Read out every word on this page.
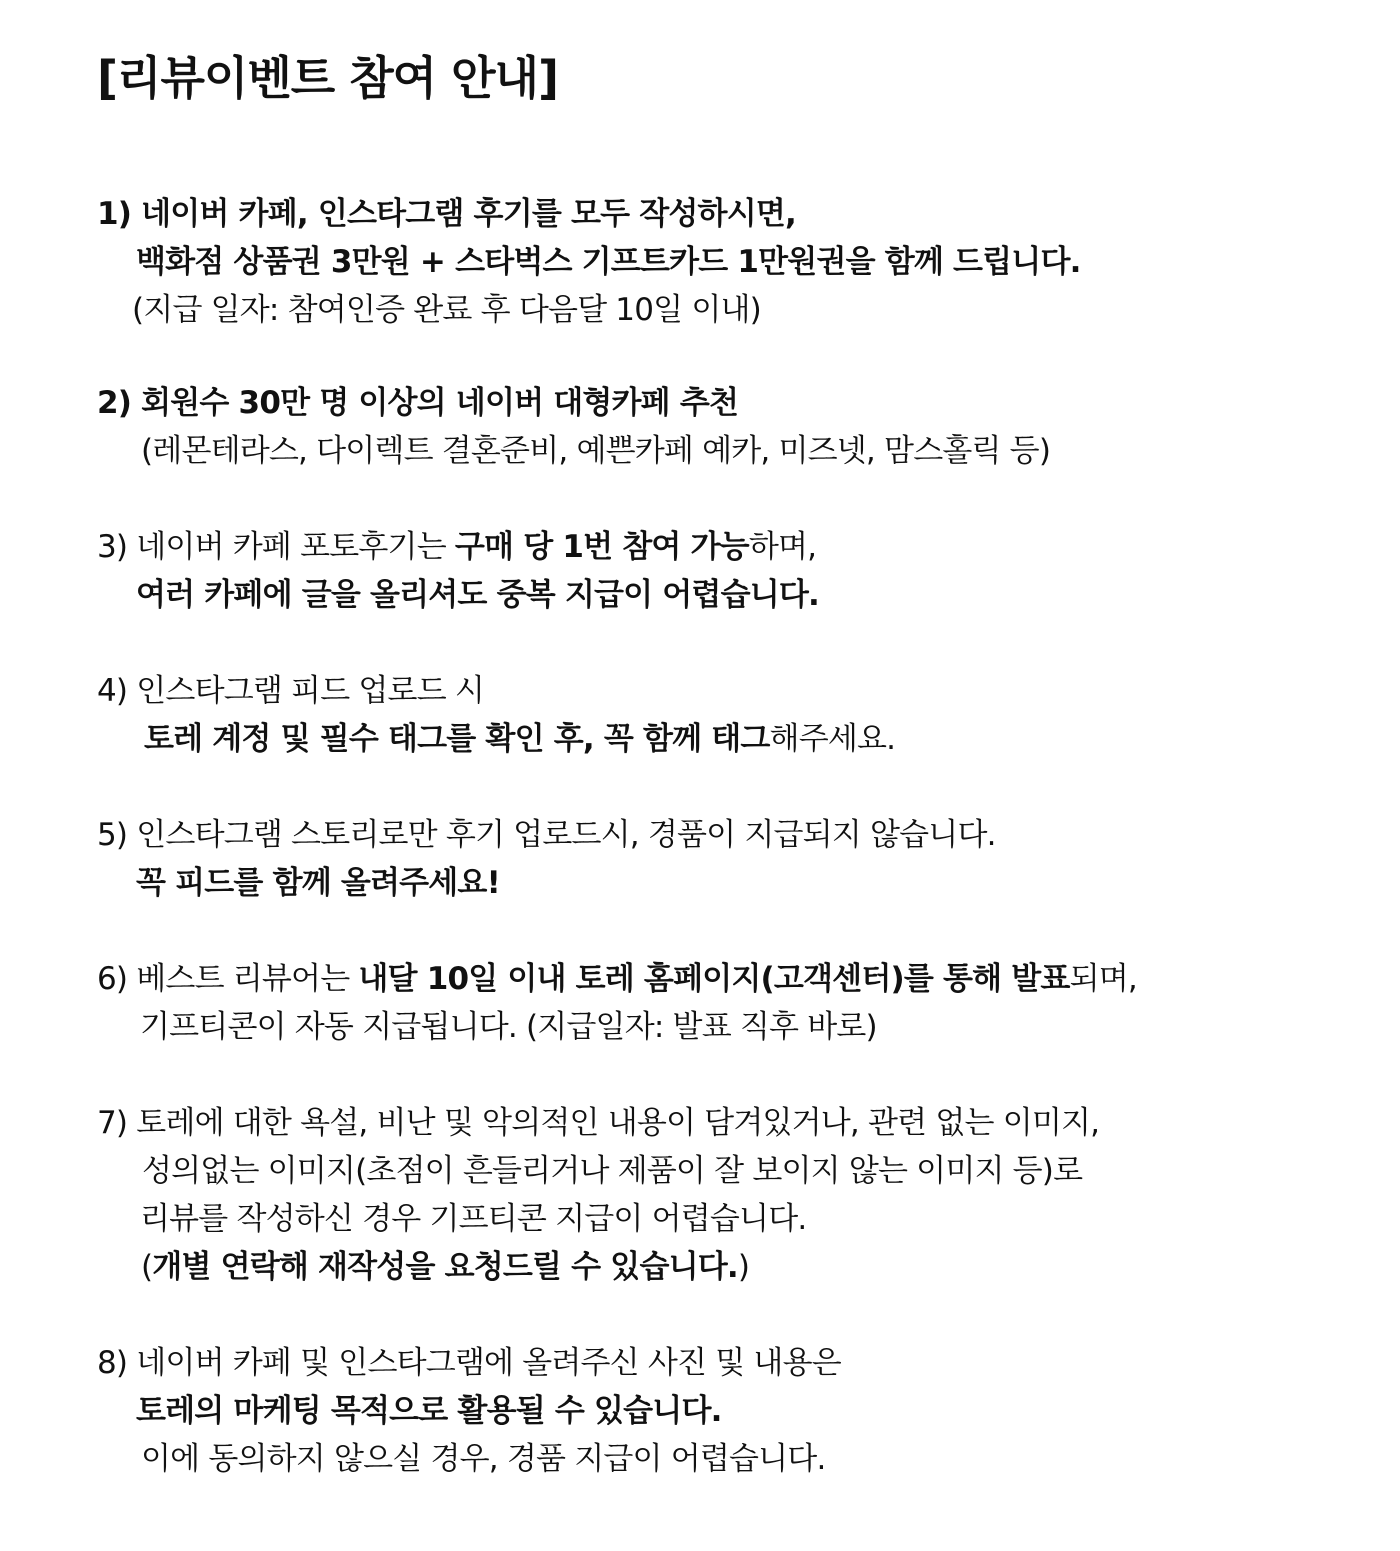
[리뷰이벤트 참여 안내]

1) 네이버 카페, 인스타그램 후기를 모두 작성하시면,

백화점 상품권 3만원 + 스타벅스 기프트카드 1만원권을 함께 드립니다.

(지급 일자: 참여인증 완료 후 다음달 10일 이내)

2) 회원수 30만 명 이상의 네이버 대형카페 추천

(레몬테라스, 다이렉트 결혼준비, 예쁜카페 예카, 미즈넷, 맘스홀릭 등)

3) 네이버 카페 포토후기는 구매 당 1번 참여 가능하며,

여러 카페에 글을 올리셔도 중복 지급이 어렵습니다.

4) 인스타그램 피드 업로드 시

토레 계정 및 필수 태그를 확인 후, 꼭 함께 태그해주세요.

5) 인스타그램 스토리로만 후기 업로드시, 경품이 지급되지 않습니다.

꼭 피드를 함께 올려주세요!

6) 베스트 리뷰어는 내달 10일 이내 토레 홈페이지(고객센터)를 통해 발표되며,

기프티콘이 자동 지급됩니다. (지급일자: 발표 직후 바로)

7) 토레에 대한 욕설, 비난 및 악의적인 내용이 담겨있거나, 관련 없는 이미지,

성의없는 이미지(초점이 흔들리거나 제품이 잘 보이지 않는 이미지 등)로

리뷰를 작성하신 경우 기프티콘 지급이 어렵습니다.

(개별 연락해 재작성을 요청드릴 수 있습니다.)

8) 네이버 카페 및 인스타그램에 올려주신 사진 및 내용은

토레의 마케팅 목적으로 활용될 수 있습니다.

이에 동의하지 않으실 경우, 경품 지급이 어렵습니다.
